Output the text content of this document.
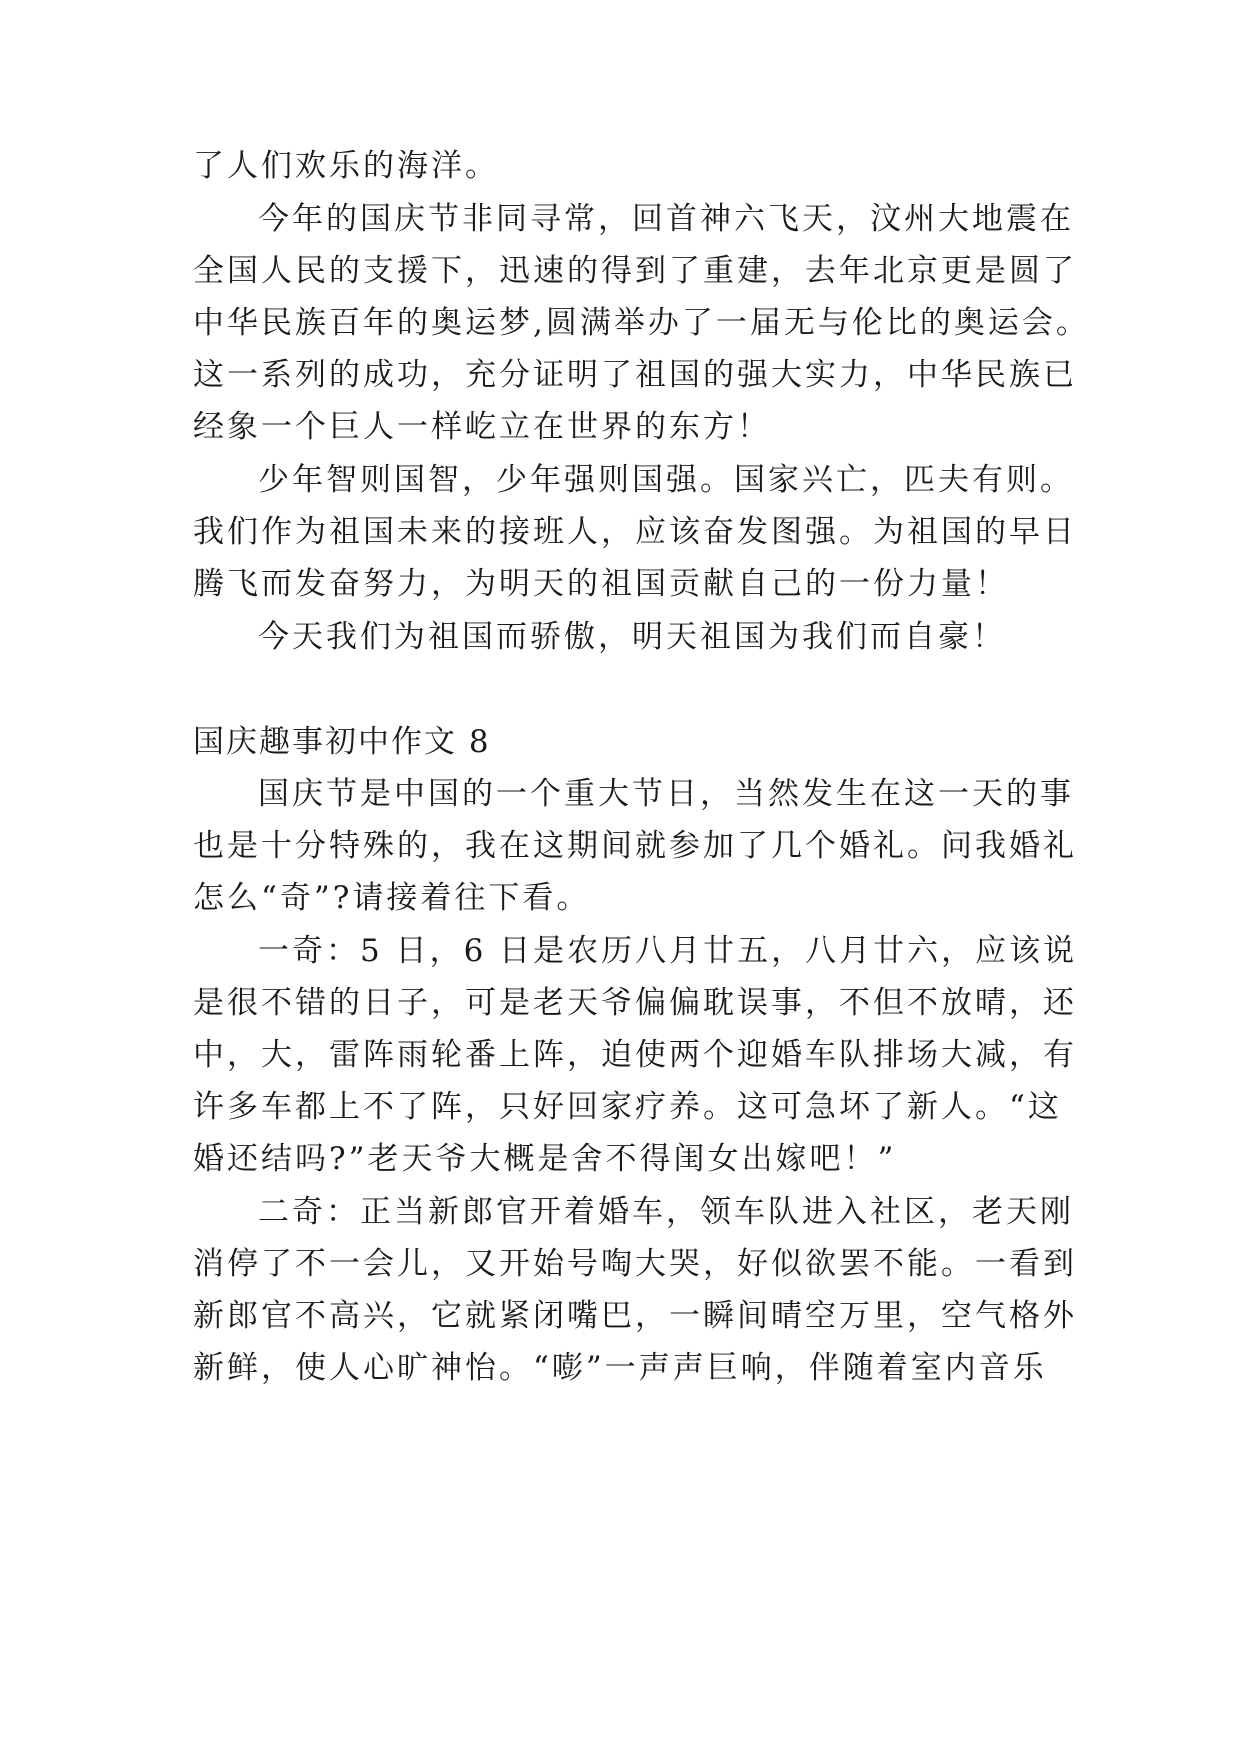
了人们欢乐的海洋。
今年的国庆节非同寻常，回首神六飞天，汶州大地震在
全国人民的支援下，迅速的得到了重建，去年北京更是圆了
中华民族百年的奥运梦,圆满举办了一届无与伦比的奥运会。
这一系列的成功，充分证明了祖国的强大实力，中华民族已
经象一个巨人一样屹立在世界的东方！
少年智则国智，少年强则国强。国家兴亡，匹夫有则。
我们作为祖国未来的接班人，应该奋发图强。为祖国的早日
腾飞而发奋努力，为明天的祖国贡献自己的一份力量！
今天我们为祖国而骄傲，明天祖国为我们而自豪！
国庆趣事初中作文 8
国庆节是中国的一个重大节日，当然发生在这一天的事
也是十分特殊的，我在这期间就参加了几个婚礼。问我婚礼
怎么“奇”?请接着往下看。
一奇：5 日，6 日是农历八月廿五，八月廿六，应该说
是很不错的日子，可是老天爷偏偏耽误事，不但不放晴，还
中，大，雷阵雨轮番上阵，迫使两个迎婚车队排场大减，有
许多车都上不了阵，只好回家疗养。这可急坏了新人。“这
婚还结吗?”老天爷大概是舍不得闺女出嫁吧！”
二奇：正当新郎官开着婚车，领车队进入社区，老天刚
消停了不一会儿，又开始号啕大哭，好似欲罢不能。一看到
新郎官不高兴，它就紧闭嘴巴，一瞬间晴空万里，空气格外
新鲜，使人心旷神怡。“嘭”一声声巨响，伴随着室内音乐
